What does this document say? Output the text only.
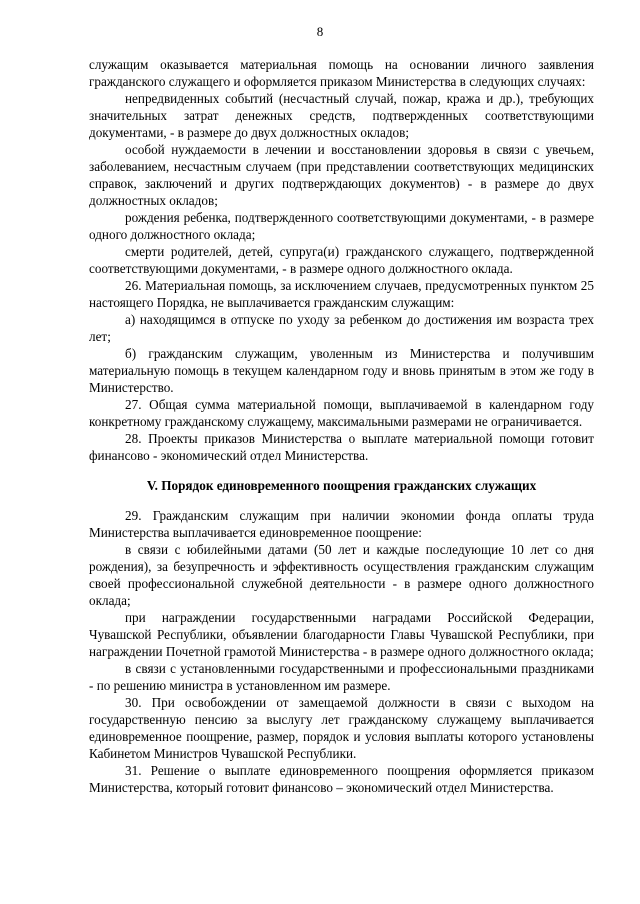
8

служащим оказывается материальная помощь на основании личного заявления гражданского служащего и оформляется приказом Министерства в следующих случаях:

непредвиденных событий (несчастный случай, пожар, кража и др.), требующих значительных затрат денежных средств, подтвержденных соответствующими документами, - в размере до двух должностных окладов;

особой нуждаемости в лечении и восстановлении здоровья в связи с увечьем, заболеванием, несчастным случаем (при представлении соответствующих медицинских справок, заключений и других подтверждающих документов) - в размере до двух должностных окладов;

рождения ребенка, подтвержденного соответствующими документами, - в размере одного должностного оклада;

смерти родителей, детей, супруга(и) гражданского служащего, подтвержденной соответствующими документами, - в размере одного должностного оклада.

26. Материальная помощь, за исключением случаев, предусмотренных пунктом 25 настоящего Порядка, не выплачивается гражданским служащим:

а) находящимся в отпуске по уходу за ребенком до достижения им возраста трех лет;

б) гражданским служащим, уволенным из Министерства и получившим материальную помощь в текущем календарном году и вновь принятым в этом же году в Министерство.

27. Общая сумма материальной помощи, выплачиваемой в календарном году конкретному гражданскому служащему, максимальными размерами не ограничивается.

28. Проекты приказов Министерства о выплате материальной помощи готовит финансово - экономический отдел Министерства.

V. Порядок единовременного поощрения гражданских служащих

29. Гражданским служащим при наличии экономии фонда оплаты труда Министерства выплачивается единовременное поощрение:

в связи с юбилейными датами (50 лет и каждые последующие 10 лет со дня рождения), за безупречность и эффективность осуществления гражданским служащим своей профессиональной служебной деятельности - в размере одного должностного оклада;

при награждении государственными наградами Российской Федерации, Чувашской Республики, объявлении благодарности Главы Чувашской Республики, при награждении Почетной грамотой Министерства - в размере одного должностного оклада;

в связи с установленными государственными и профессиональными праздниками - по решению министра в установленном им размере.

30. При освобождении от замещаемой должности в связи с выходом на государственную пенсию за выслугу лет гражданскому служащему выплачивается единовременное поощрение, размер, порядок и условия выплаты которого установлены Кабинетом Министров Чувашской Республики.

31. Решение о выплате единовременного поощрения оформляется приказом Министерства, который готовит финансово – экономический отдел Министерства.
